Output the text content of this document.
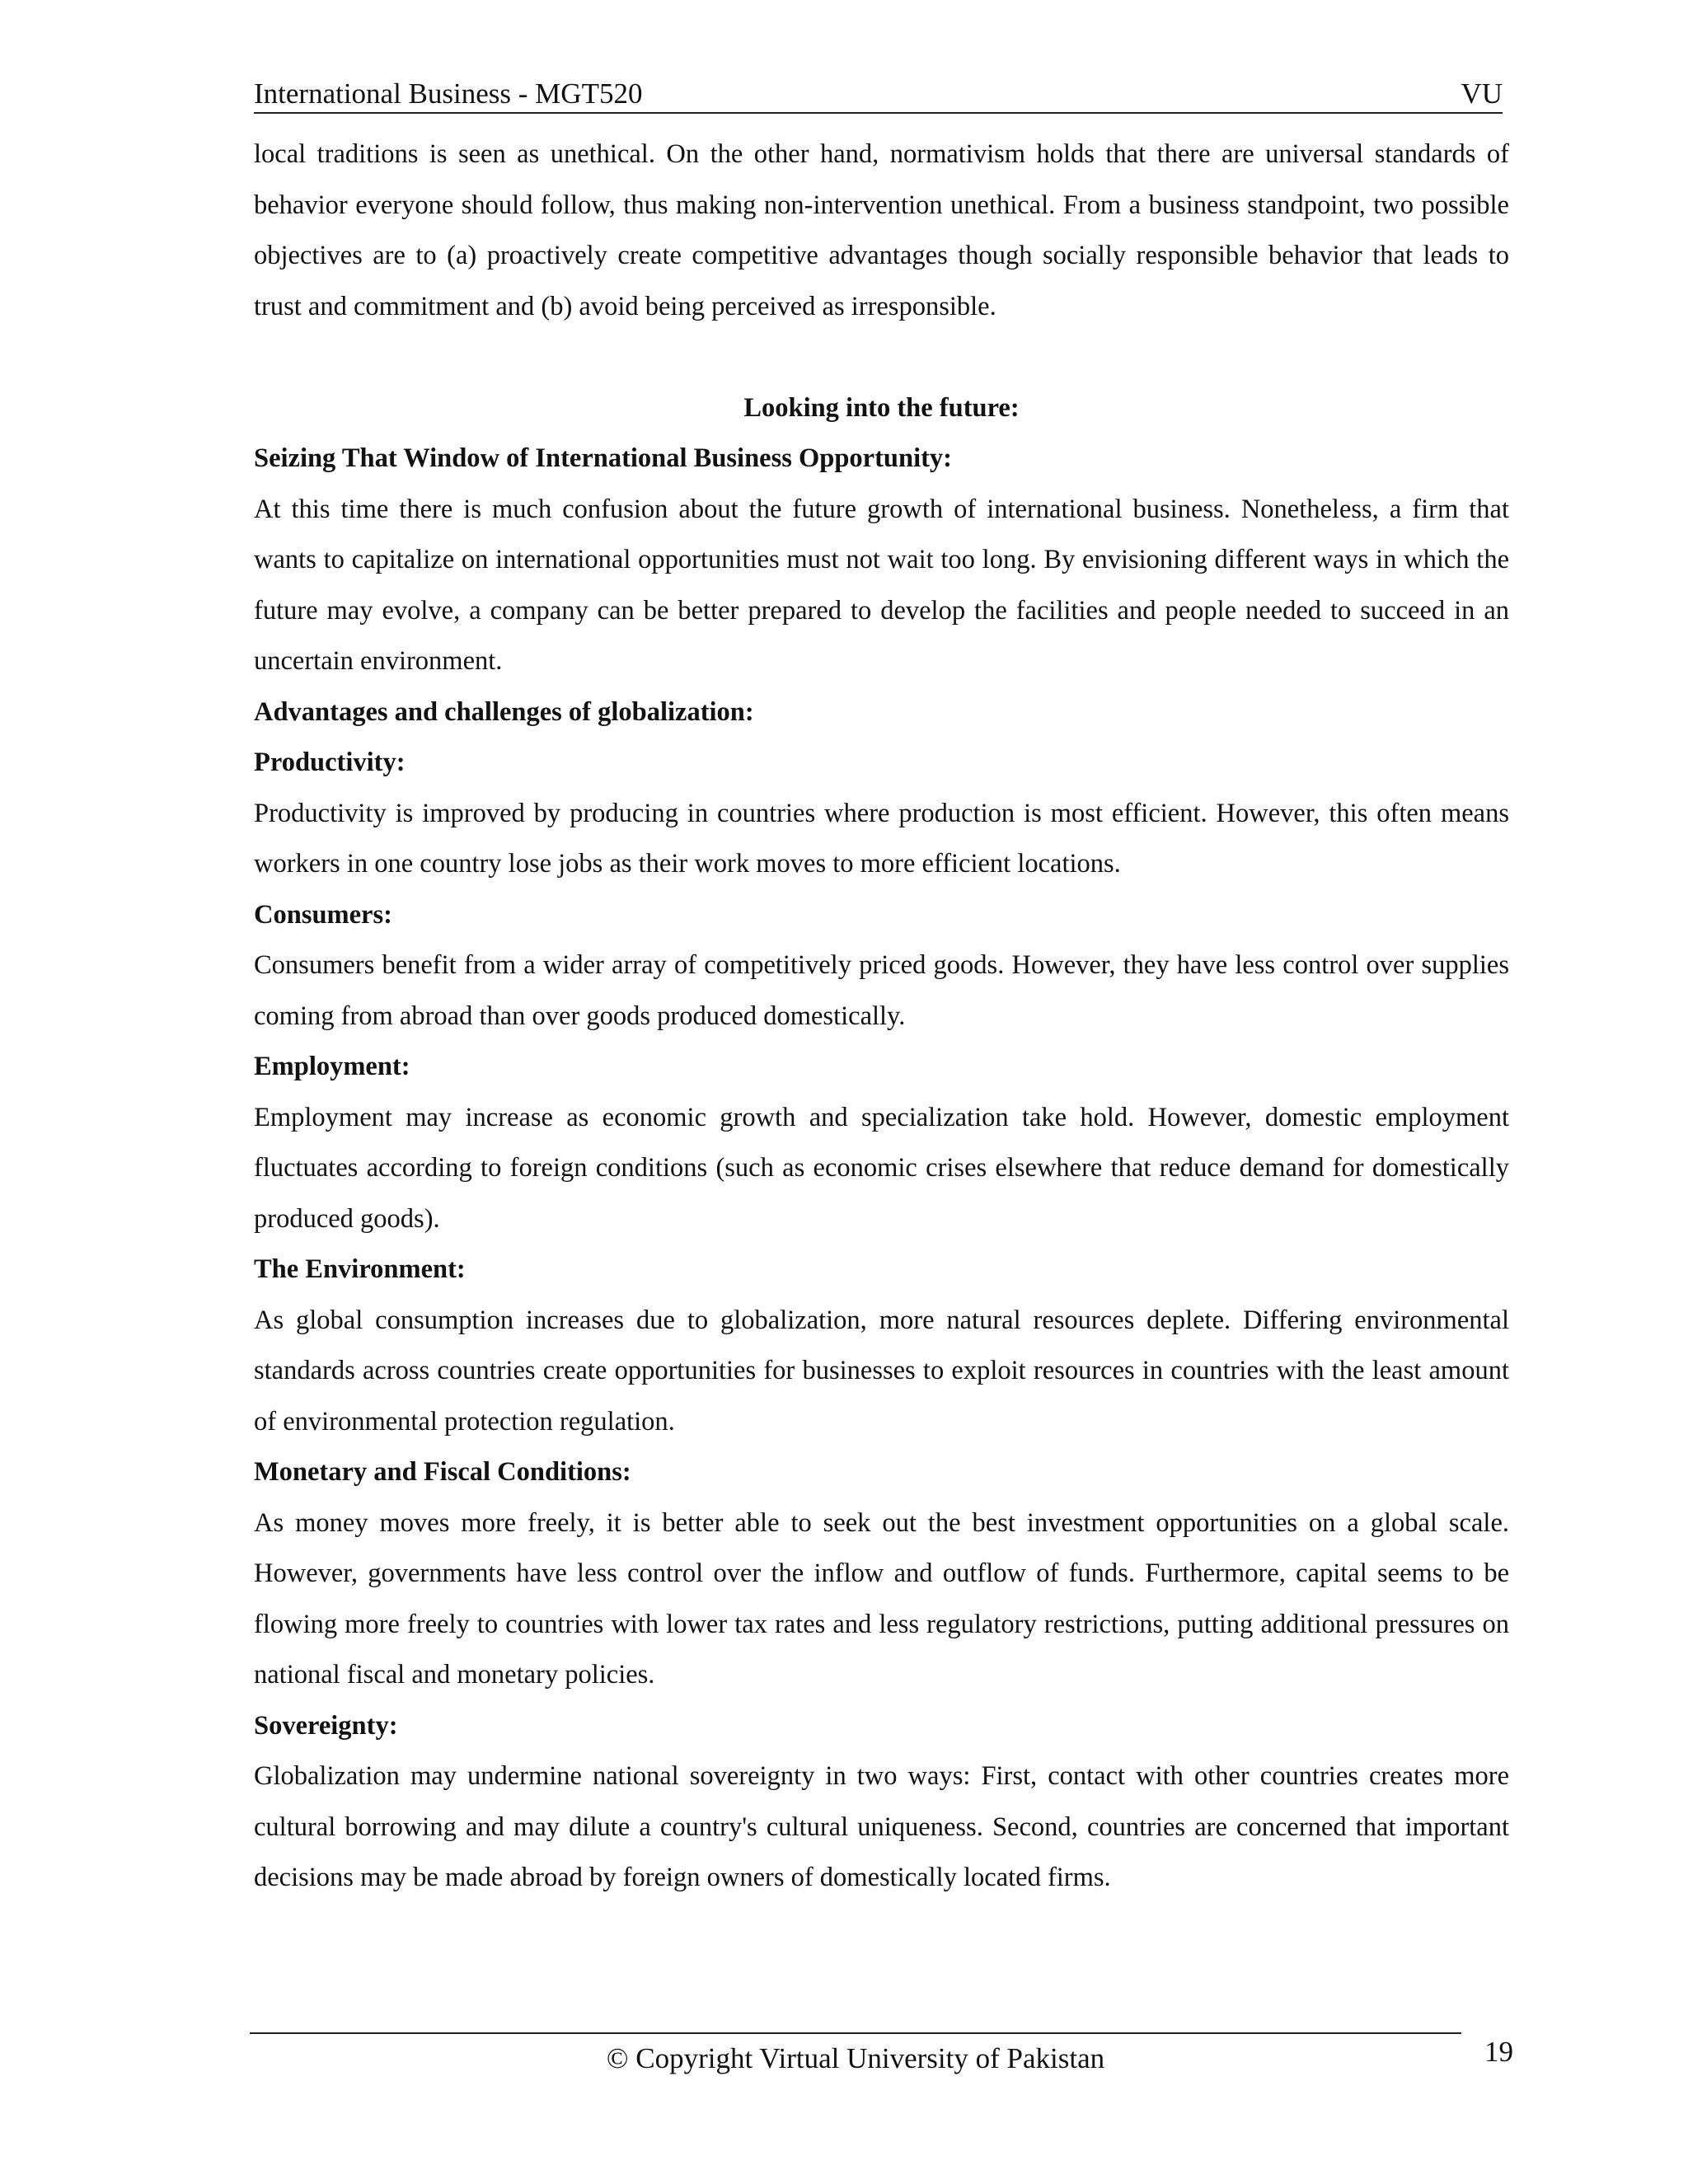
International Business - MGT520	VU

local traditions is seen as unethical. On the other hand, normativism holds that there are universal standards of behavior everyone should follow, thus making non-intervention unethical. From a business standpoint, two possible objectives are to (a) proactively create competitive advantages though socially responsible behavior that leads to trust and commitment and (b) avoid being perceived as irresponsible.

Looking into the future:

Seizing That Window of International Business Opportunity:

At this time there is much confusion about the future growth of international business. Nonetheless, a firm that wants to capitalize on international opportunities must not wait too long. By envisioning different ways in which the future may evolve, a company can be better prepared to develop the facilities and people needed to succeed in an uncertain environment.

Advantages and challenges of globalization:

Productivity:

Productivity is improved by producing in countries where production is most efficient. However, this often means workers in one country lose jobs as their work moves to more efficient locations.

Consumers:

Consumers benefit from a wider array of competitively priced goods. However, they have less control over supplies coming from abroad than over goods produced domestically.

Employment:

Employment may increase as economic growth and specialization take hold. However, domestic employment fluctuates according to foreign conditions (such as economic crises elsewhere that reduce demand for domestically produced goods).

The Environment:

As global consumption increases due to globalization, more natural resources deplete. Differing environmental standards across countries create opportunities for businesses to exploit resources in countries with the least amount of environmental protection regulation.

Monetary and Fiscal Conditions:

As money moves more freely, it is better able to seek out the best investment opportunities on a global scale. However, governments have less control over the inflow and outflow of funds. Furthermore, capital seems to be flowing more freely to countries with lower tax rates and less regulatory restrictions, putting additional pressures on national fiscal and monetary policies.

Sovereignty:

Globalization may undermine national sovereignty in two ways: First, contact with other countries creates more cultural borrowing and may dilute a country's cultural uniqueness. Second, countries are concerned that important decisions may be made abroad by foreign owners of domestically located firms.

© Copyright Virtual University of Pakistan	19
